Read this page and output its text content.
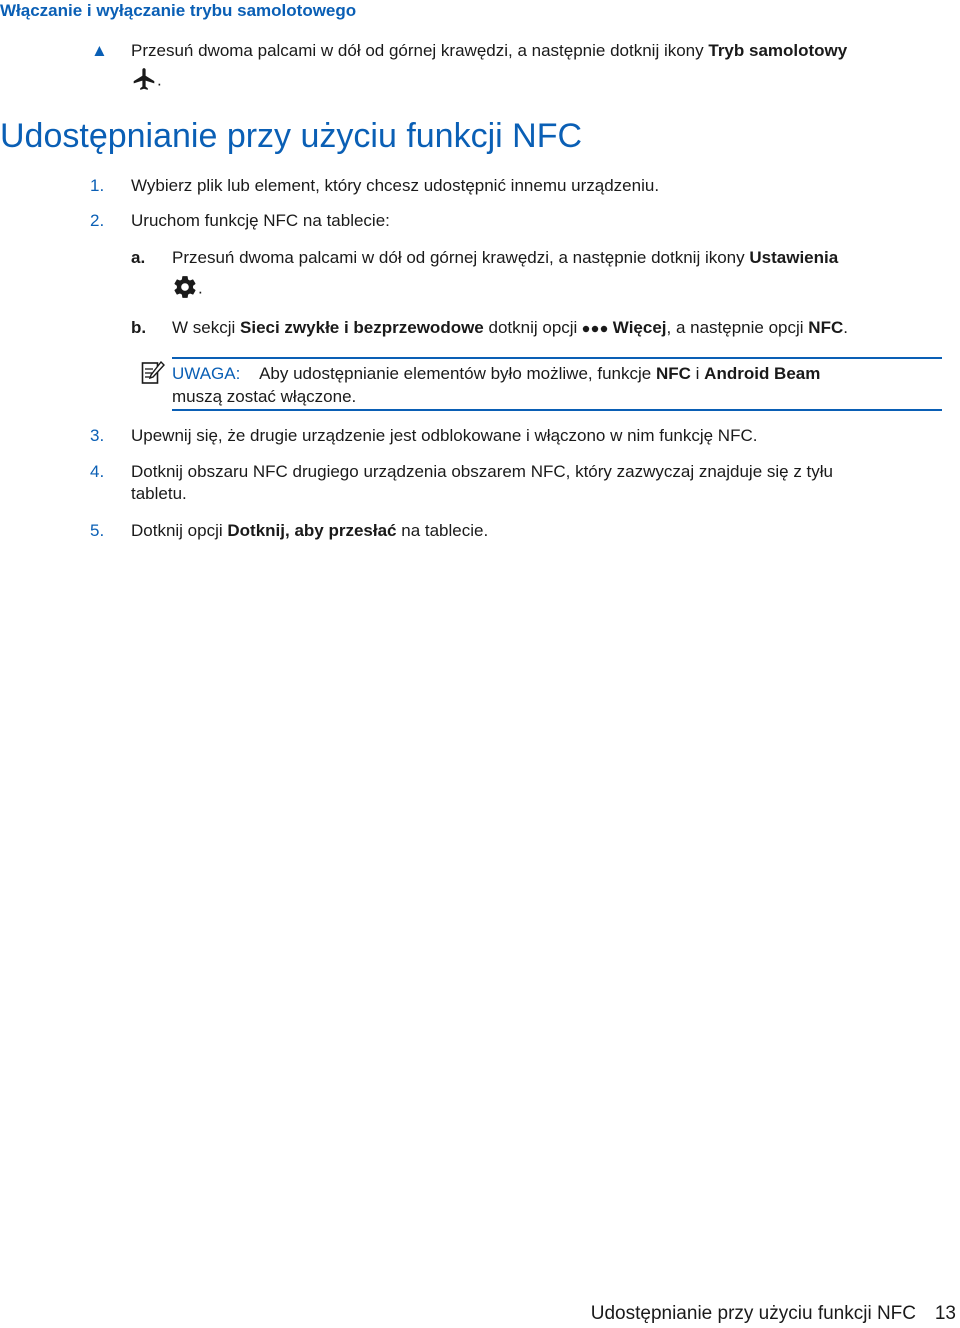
Włączanie i wyłączanie trybu samolotowego
▲ Przesuń dwoma palcami w dół od górnej krawędzi, a następnie dotknij ikony Tryb samolotowy
.
Udostępnianie przy użyciu funkcji NFC
1. Wybierz plik lub element, który chcesz udostępnić innemu urządzeniu.
2. Uruchom funkcję NFC na tablecie:
a. Przesuń dwoma palcami w dół od górnej krawędzi, a następnie dotknij ikony Ustawienia
.
b. W sekcji Sieci zwykłe i bezprzewodowe dotknij opcji Więcej, a następnie opcji NFC.
UWAGA: Aby udostępnianie elementów było możliwe, funkcje NFC i Android Beam
muszą zostać włączone.
3. Upewnij się, że drugie urządzenie jest odblokowane i włączono w nim funkcję NFC.
4. Dotknij obszaru NFC drugiego urządzenia obszarem NFC, który zazwyczaj znajduje się z tyłu
tabletu.
5. Dotknij opcji Dotknij, aby przesłać na tablecie.
Udostępnianie przy użyciu funkcji NFC 13
